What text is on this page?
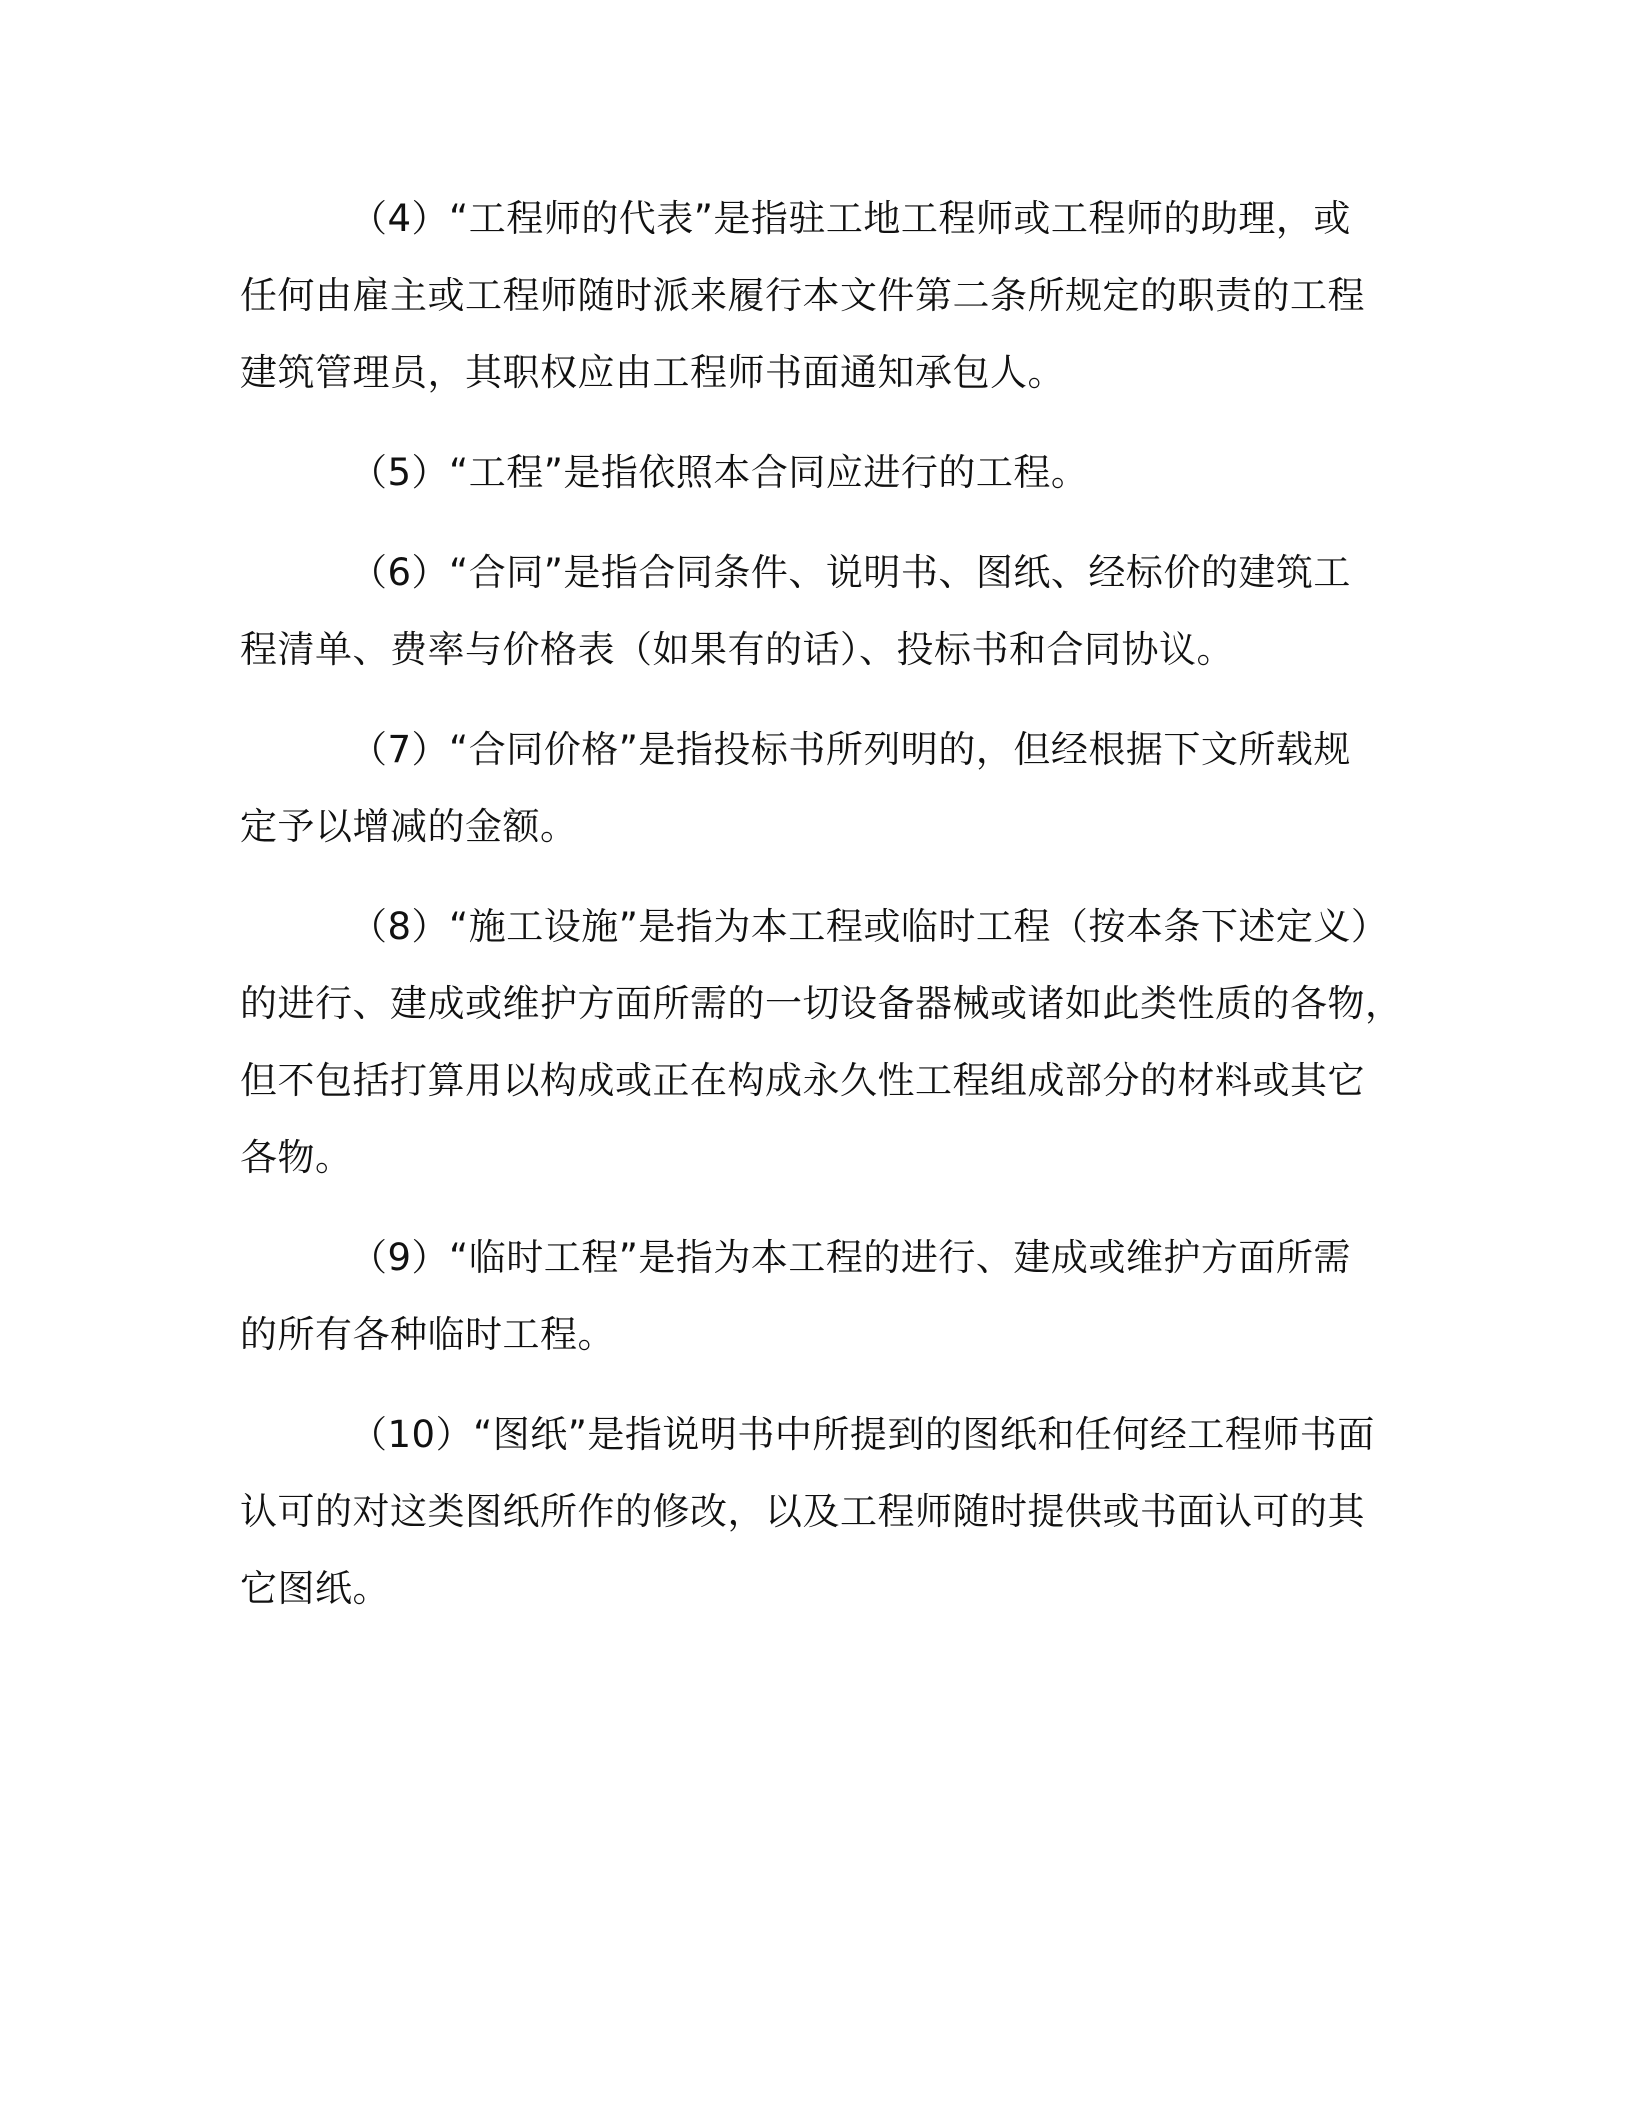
（4）“工程师的代表”是指驻工地工程师或工程师的助理，或
任何由雇主或工程师随时派来履行本文件第二条所规定的职责的工程
建筑管理员，其职权应由工程师书面通知承包人。

（5）“工程”是指依照本合同应进行的工程。

（6）“合同”是指合同条件、说明书、图纸、经标价的建筑工
程清单、费率与价格表（如果有的话）、投标书和合同协议。

（7）“合同价格”是指投标书所列明的，但经根据下文所载规
定予以增减的金额。

（8）“施工设施”是指为本工程或临时工程（按本条下述定义）
的进行、建成或维护方面所需的一切设备器械或诸如此类性质的各物，
但不包括打算用以构成或正在构成永久性工程组成部分的材料或其它
各物。

（9）“临时工程”是指为本工程的进行、建成或维护方面所需
的所有各种临时工程。

（10）“图纸”是指说明书中所提到的图纸和任何经工程师书面
认可的对这类图纸所作的修改，以及工程师随时提供或书面认可的其
它图纸。
